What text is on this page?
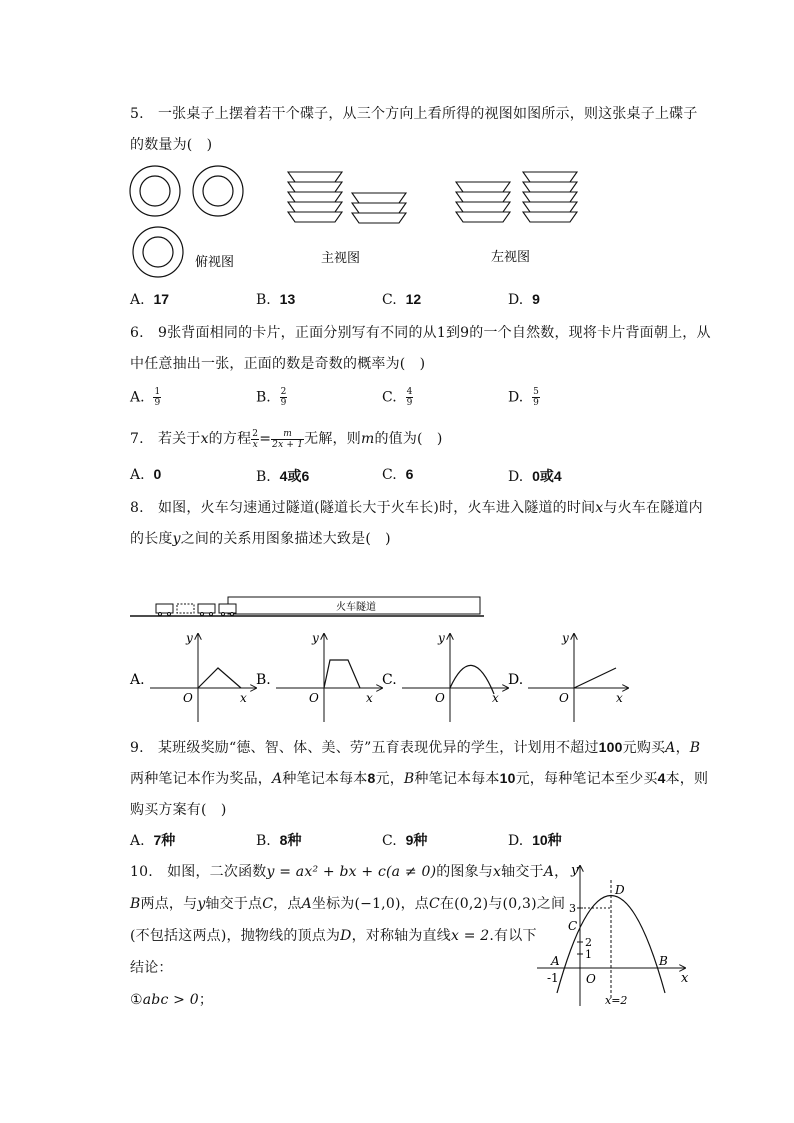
5.　一张桌子上摆着若干个碟子，从三个方向上看所得的视图如图所示，则这张桌子上碟子
的数量为(　)
俯视图	主视图	左视图
A. 17	B. 13	C. 12	D. 9
6.　9张背面相同的卡片，正面分别写有不同的从1到9的一个自然数，现将卡片背面朝上，从
中任意抽出一张，正面的数是奇数的概率为(　)
A. $\frac{1}{9}$	B. $\frac{2}{9}$	C. $\frac{4}{9}$	D. $\frac{5}{9}$
7.　若关于x的方程 $\frac{2}{x} = \frac{m}{2x + 1}$ 无解，则m的值为(　)
A. 0	B. 4或6	C. 6	D. 0或4
8.　如图，火车匀速通过隧道(隧道长大于火车长)时，火车进入隧道的时间x与火车在隧道内
的长度y之间的关系用图象描述大致是(　)
火车隧道
A.
y
x
O
B.
y
x
O
C.
y
x
O
D.
y
x
O
9.　某班级奖励“德、智、体、美、劳”五育表现优异的学生，计划用不超过100元购买A，B
两种笔记本作为奖品，A种笔记本每本8元，B种笔记本每本10元，每种笔记本至少买4本，则
购买方案有(　)
A. 7种	B. 8种	C. 9种	D. 10种
10.　如图，二次函数y = ax² + bx + c(a ≠ 0)的图象与x轴交于A，
B两点，与y轴交于点C，点A坐标为(−1,0)，点C在(0,2)与(0,3)之间
(不包括这两点)，抛物线的顶点为D，对称轴为直线x = 2.有以下
结论：
①abc > 0；
y
x
O
x=2
D
C
A	B
-1
3
2
1
